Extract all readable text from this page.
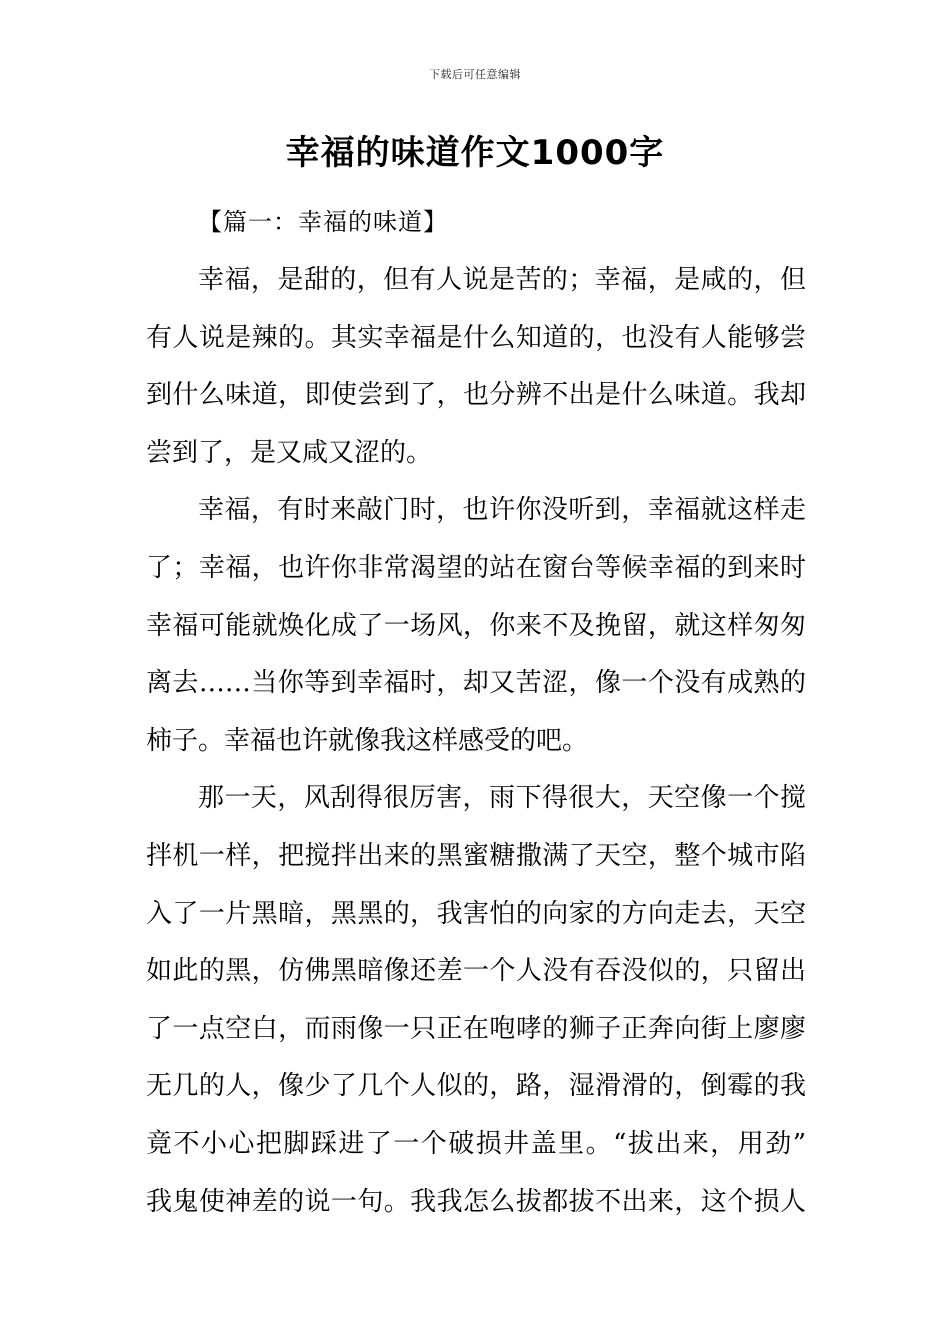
下载后可任意编辑
幸福的味道作文1000字
【篇一：幸福的味道】
幸福，是甜的，但有人说是苦的；幸福，是咸的，但
有人说是辣的。其实幸福是什么知道的，也没有人能够尝
到什么味道，即使尝到了，也分辨不出是什么味道。我却
尝到了，是又咸又涩的。
幸福，有时来敲门时，也许你没听到，幸福就这样走
了；幸福，也许你非常渴望的站在窗台等候幸福的到来时
幸福可能就焕化成了一场风，你来不及挽留，就这样匆匆
离去……当你等到幸福时，却又苦涩，像一个没有成熟的
柿子。幸福也许就像我这样感受的吧。
那一天，风刮得很厉害，雨下得很大，天空像一个搅
拌机一样，把搅拌出来的黑蜜糖撒满了天空，整个城市陷
入了一片黑暗，黑黑的，我害怕的向家的方向走去，天空
如此的黑，仿佛黑暗像还差一个人没有吞没似的，只留出
了一点空白，而雨像一只正在咆哮的狮子正奔向街上廖廖
无几的人，像少了几个人似的，路，湿滑滑的，倒霉的我
竟不小心把脚踩进了一个破损井盖里。“拔出来，用劲”
我鬼使神差的说一句。我我怎么拔都拔不出来，这个损人
